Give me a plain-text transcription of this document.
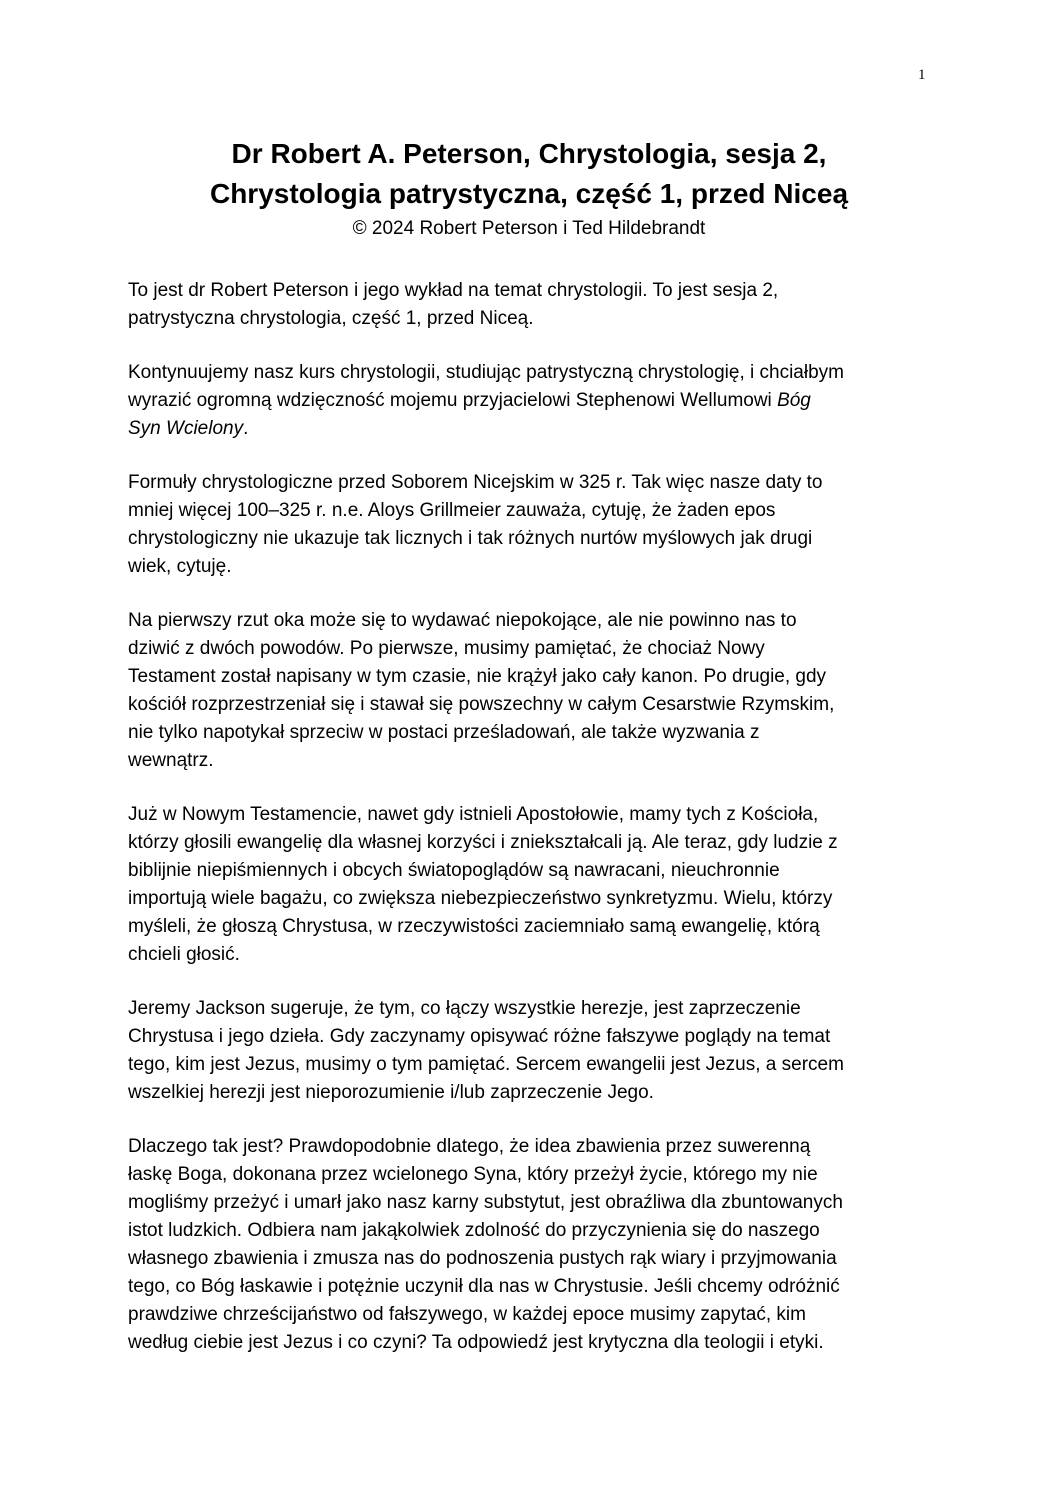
1
Dr Robert A. Peterson, Chrystologia, sesja 2,
Chrystologia patrystyczna, część 1, przed Niceą
© 2024 Robert Peterson i Ted Hildebrandt

To jest dr Robert Peterson i jego wykład na temat chrystologii. To jest sesja 2,
patrystyczna chrystologia, część 1, przed Niceą.

Kontynuujemy nasz kurs chrystologii, studiując patrystyczną chrystologię, i chciałbym
wyrazić ogromną wdzięczność mojemu przyjacielowi Stephenowi Wellumowi Bóg
Syn Wcielony.

Formuły chrystologiczne przed Soborem Nicejskim w 325 r. Tak więc nasze daty to
mniej więcej 100–325 r. n.e. Aloys Grillmeier zauważa, cytuję, że żaden epos
chrystologiczny nie ukazuje tak licznych i tak różnych nurtów myślowych jak drugi
wiek, cytuję.

Na pierwszy rzut oka może się to wydawać niepokojące, ale nie powinno nas to
dziwić z dwóch powodów. Po pierwsze, musimy pamiętać, że chociaż Nowy
Testament został napisany w tym czasie, nie krążył jako cały kanon. Po drugie, gdy
kościół rozprzestrzeniał się i stawał się powszechny w całym Cesarstwie Rzymskim,
nie tylko napotykał sprzeciw w postaci prześladowań, ale także wyzwania z
wewnątrz.

Już w Nowym Testamencie, nawet gdy istnieli Apostołowie, mamy tych z Kościoła,
którzy głosili ewangelię dla własnej korzyści i zniekształcali ją. Ale teraz, gdy ludzie z
biblijnie niepiśmiennych i obcych światopoglądów są nawracani, nieuchronnie
importują wiele bagażu, co zwiększa niebezpieczeństwo synkretyzmu. Wielu, którzy
myśleli, że głoszą Chrystusa, w rzeczywistości zaciemniało samą ewangelię, którą
chcieli głosić.

Jeremy Jackson sugeruje, że tym, co łączy wszystkie herezje, jest zaprzeczenie
Chrystusa i jego dzieła. Gdy zaczynamy opisywać różne fałszywe poglądy na temat
tego, kim jest Jezus, musimy o tym pamiętać. Sercem ewangelii jest Jezus, a sercem
wszelkiej herezji jest nieporozumienie i/lub zaprzeczenie Jego.

Dlaczego tak jest? Prawdopodobnie dlatego, że idea zbawienia przez suwerenną
łaskę Boga, dokonana przez wcielonego Syna, który przeżył życie, którego my nie
mogliśmy przeżyć i umarł jako nasz karny substytut, jest obraźliwa dla zbuntowanych
istot ludzkich. Odbiera nam jakąkolwiek zdolność do przyczynienia się do naszego
własnego zbawienia i zmusza nas do podnoszenia pustych rąk wiary i przyjmowania
tego, co Bóg łaskawie i potężnie uczynił dla nas w Chrystusie. Jeśli chcemy odróżnić
prawdziwe chrześcijaństwo od fałszywego, w każdej epoce musimy zapytać, kim
według ciebie jest Jezus i co czyni? Ta odpowiedź jest krytyczna dla teologii i etyki.
